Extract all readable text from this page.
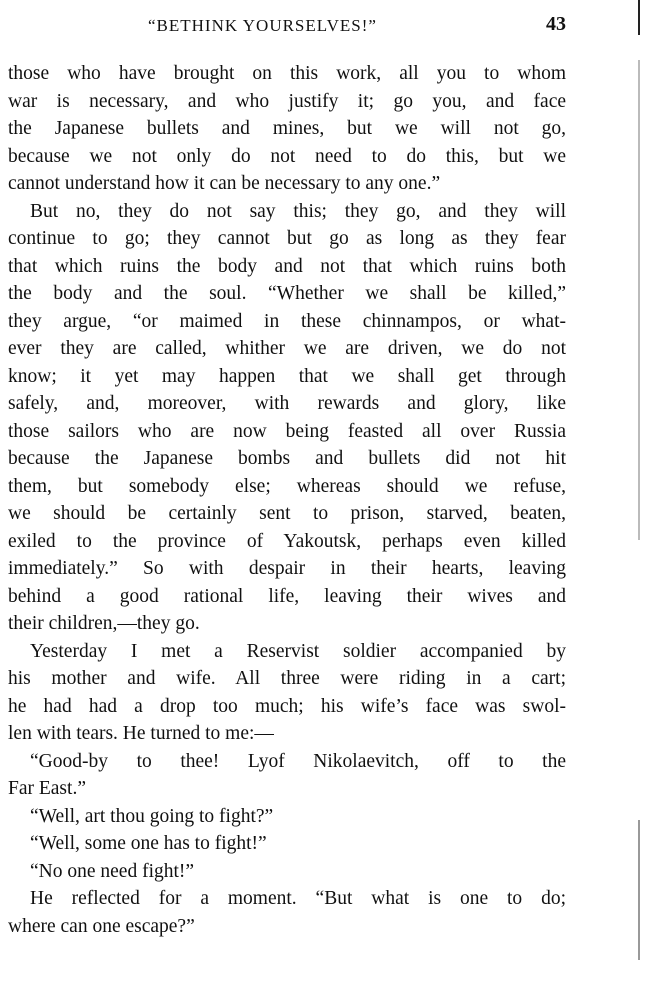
“BETHINK YOURSELVES!”	43
those who have brought on this work, all you to whom
war is necessary, and who justify it; go you, and face
the Japanese bullets and mines, but we will not go,
because we not only do not need to do this, but we
cannot understand how it can be necessary to any one.”
But no, they do not say this; they go, and they will
continue to go; they cannot but go as long as they fear
that which ruins the body and not that which ruins both
the body and the soul. “Whether we shall be killed,”
they argue, “or maimed in these chinnampos, or what-
ever they are called, whither we are driven, we do not
know; it yet may happen that we shall get through
safely, and, moreover, with rewards and glory, like
those sailors who are now being feasted all over Russia
because the Japanese bombs and bullets did not hit
them, but somebody else; whereas should we refuse,
we should be certainly sent to prison, starved, beaten,
exiled to the province of Yakoutsk, perhaps even killed
immediately.” So with despair in their hearts, leaving
behind a good rational life, leaving their wives and
their children,—they go.
Yesterday I met a Reservist soldier accompanied by
his mother and wife. All three were riding in a cart;
he had had a drop too much; his wife’s face was swol-
len with tears. He turned to me:—
“Good-by to thee! Lyof Nikolaevitch, off to the
Far East.”
“Well, art thou going to fight?”
“Well, some one has to fight!”
“No one need fight!”
He reflected for a moment. “But what is one to do;
where can one escape?”
